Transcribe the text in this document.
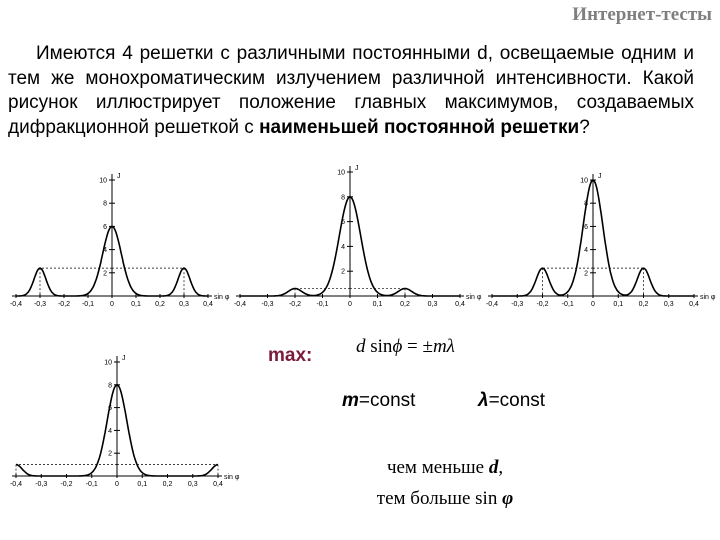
Интернет-тесты
Имеются 4 решетки с различными постоянными d, освещаемые одним и тем же монохроматическим излучением различной интенсивности. Какой рисунок иллюстрирует положение главных максимумов, создаваемых дифракционной решеткой с наименьшей постоянной решетки?
2
4
6
8
10
J
-0,4 -0,3 -0,2 -0,1 0 0,1 0,2 0,3 0,4
sin φ
2
4
6
8
10
J
-0,4 -0,3 -0,2 -0,1	0	0,1	0,2	0,3	0,4
sin φ
2
4
6
8
10
J
-0,4 -0,3 -0,2 -0,1 0	0,1 0,2 0,3 0,4
sin φ
2
4
6
8
10
J
-0,4 -0,3 -0,2 -0,1 0	0,1 0,2 0,3 0,4
sin φ
max: d sinϕ = ±mλ
m=const	λ=const
чем меньше d,
тем больше sin φ
